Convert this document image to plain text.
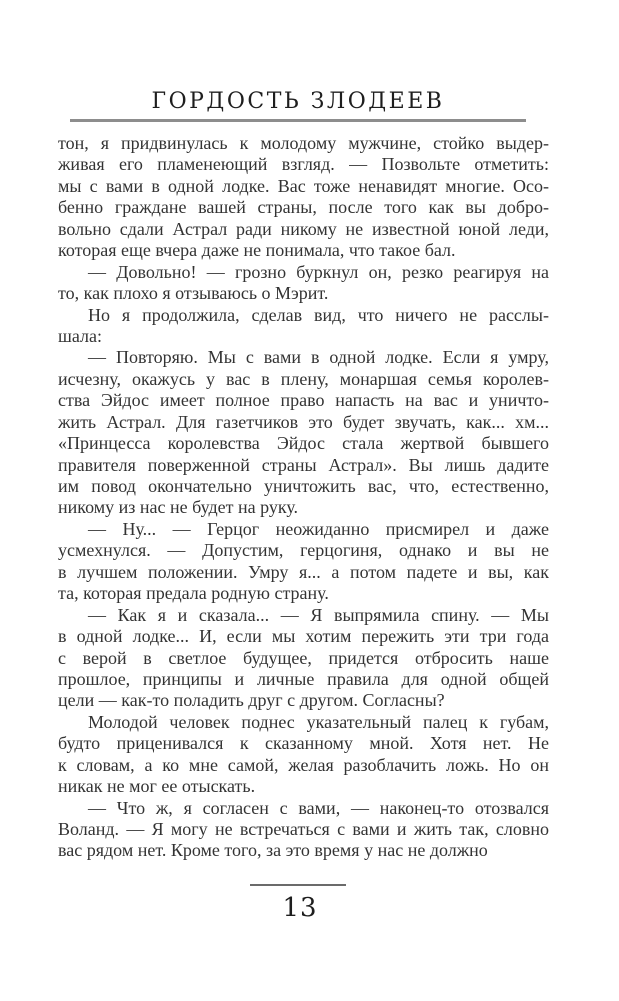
ГОРДОСТЬ ЗЛОДЕЕВ
тон, я придвинулась к молодому мужчине, стойко выдер-
живая его пламенеющий взгляд. — Позвольте отметить:
мы с вами в одной лодке. Вас тоже ненавидят многие. Осо-
бенно граждане вашей страны, после того как вы добро-
вольно сдали Астрал ради никому не известной юной леди,
которая еще вчера даже не понимала, что такое бал.
— Довольно! — грозно буркнул он, резко реагируя на
то, как плохо я отзываюсь о Мэрит.
Но я продолжила, сделав вид, что ничего не расслы-
шала:
— Повторяю. Мы с вами в одной лодке. Если я умру,
исчезну, окажусь у вас в плену, монаршая семья королев-
ства Эйдос имеет полное право напасть на вас и уничто-
жить Астрал. Для газетчиков это будет звучать, как... хм...
«Принцесса королевства Эйдос стала жертвой бывшего
правителя поверженной страны Астрал». Вы лишь дадите
им повод окончательно уничтожить вас, что, естественно,
никому из нас не будет на руку.
— Ну... — Герцог неожиданно присмирел и даже
усмехнулся. — Допустим, герцогиня, однако и вы не
в лучшем положении. Умру я... а потом падете и вы, как
та, которая предала родную страну.
— Как я и сказала... — Я выпрямила спину. — Мы
в одной лодке... И, если мы хотим пережить эти три года
с верой в светлое будущее, придется отбросить наше
прошлое, принципы и личные правила для одной общей
цели — как-то поладить друг с другом. Согласны?
Молодой человек поднес указательный палец к губам,
будто приценивался к сказанному мной. Хотя нет. Не
к словам, а ко мне самой, желая разоблачить ложь. Но он
никак не мог ее отыскать.
— Что ж, я согласен с вами, — наконец-то отозвался
Воланд. — Я могу не встречаться с вами и жить так, словно
вас рядом нет. Кроме того, за это время у нас не должно
13
